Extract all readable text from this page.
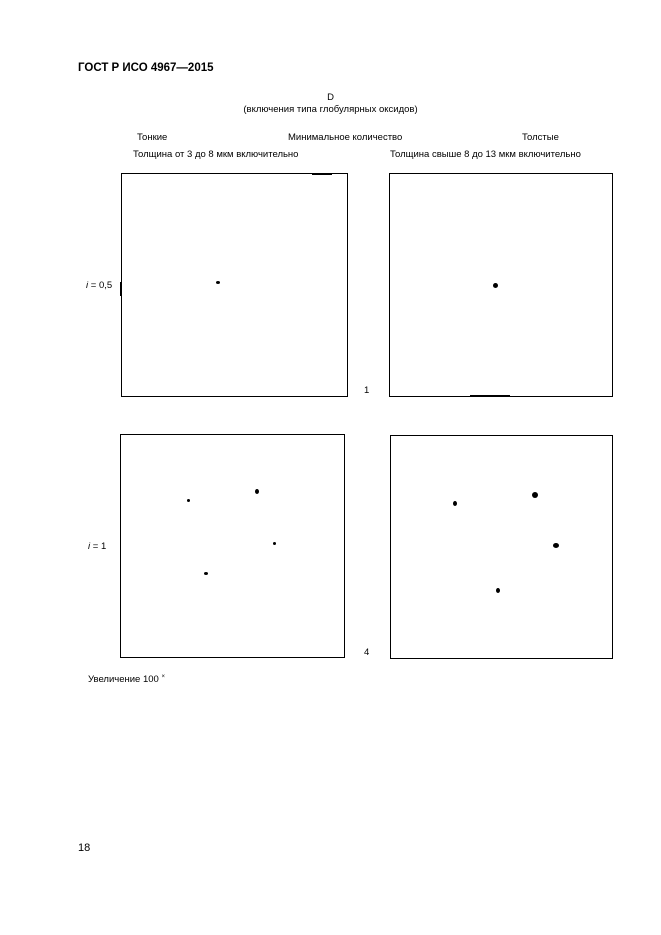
ГОСТ Р ИСО 4967—2015
D
(включения типа глобулярных оксидов)
Тонкие	Минимальное количество	Толстые
Толщина от 3 до 8 мкм включительно	Толщина свыше 8 до 13 мкм включительно
i = 0,5
1
i = 1
4
Увеличение 100 ×
18
